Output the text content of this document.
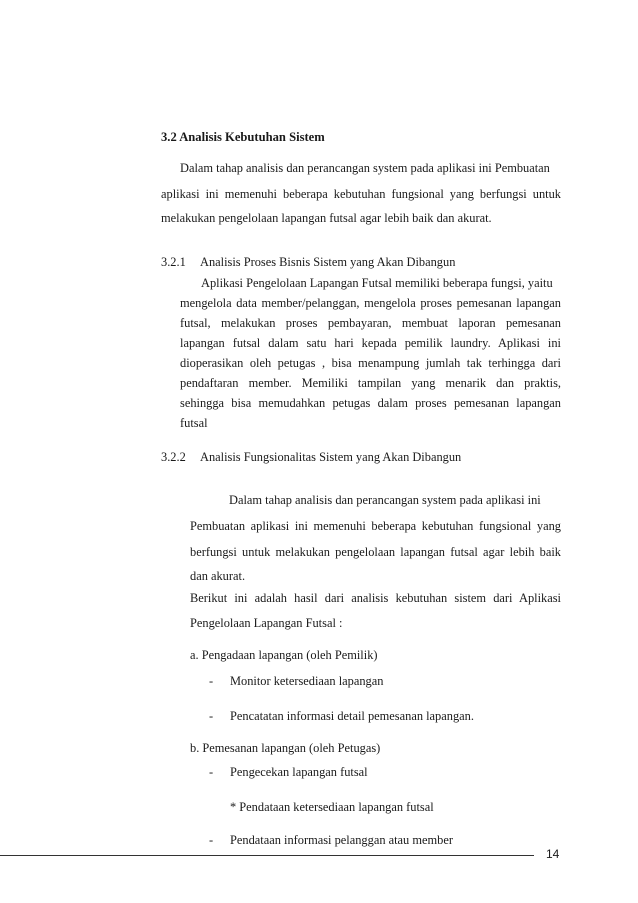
3.2 Analisis Kebutuhan Sistem
Dalam tahap analisis dan perancangan system pada aplikasi ini Pembuatan
aplikasi ini memenuhi beberapa kebutuhan fungsional yang berfungsi untuk
melakukan pengelolaan lapangan futsal agar lebih baik dan akurat.
3.2.1 Analisis Proses Bisnis Sistem yang Akan Dibangun
Aplikasi Pengelolaan Lapangan Futsal memiliki beberapa fungsi, yaitu
mengelola data member/pelanggan, mengelola proses pemesanan lapangan
futsal, melakukan proses pembayaran, membuat laporan pemesanan
lapangan futsal dalam satu hari kepada pemilik laundry. Aplikasi ini
dioperasikan oleh petugas , bisa menampung jumlah tak terhingga dari
pendaftaran member. Memiliki tampilan yang menarik dan praktis,
sehingga bisa memudahkan petugas dalam proses pemesanan lapangan
futsal
3.2.2 Analisis Fungsionalitas Sistem yang Akan Dibangun
Dalam tahap analisis dan perancangan system pada aplikasi ini
Pembuatan aplikasi ini memenuhi beberapa kebutuhan fungsional yang
berfungsi untuk melakukan pengelolaan lapangan futsal agar lebih baik
dan akurat.
Berikut ini adalah hasil dari analisis kebutuhan sistem dari Aplikasi
Pengelolaan Lapangan Futsal :
a. Pengadaan lapangan (oleh Pemilik)
- Monitor ketersediaan lapangan
- Pencatatan informasi detail pemesanan lapangan.
b. Pemesanan lapangan (oleh Petugas)
- Pengecekan lapangan futsal
* Pendataan ketersediaan lapangan futsal
- Pendataan informasi pelanggan atau member
14
